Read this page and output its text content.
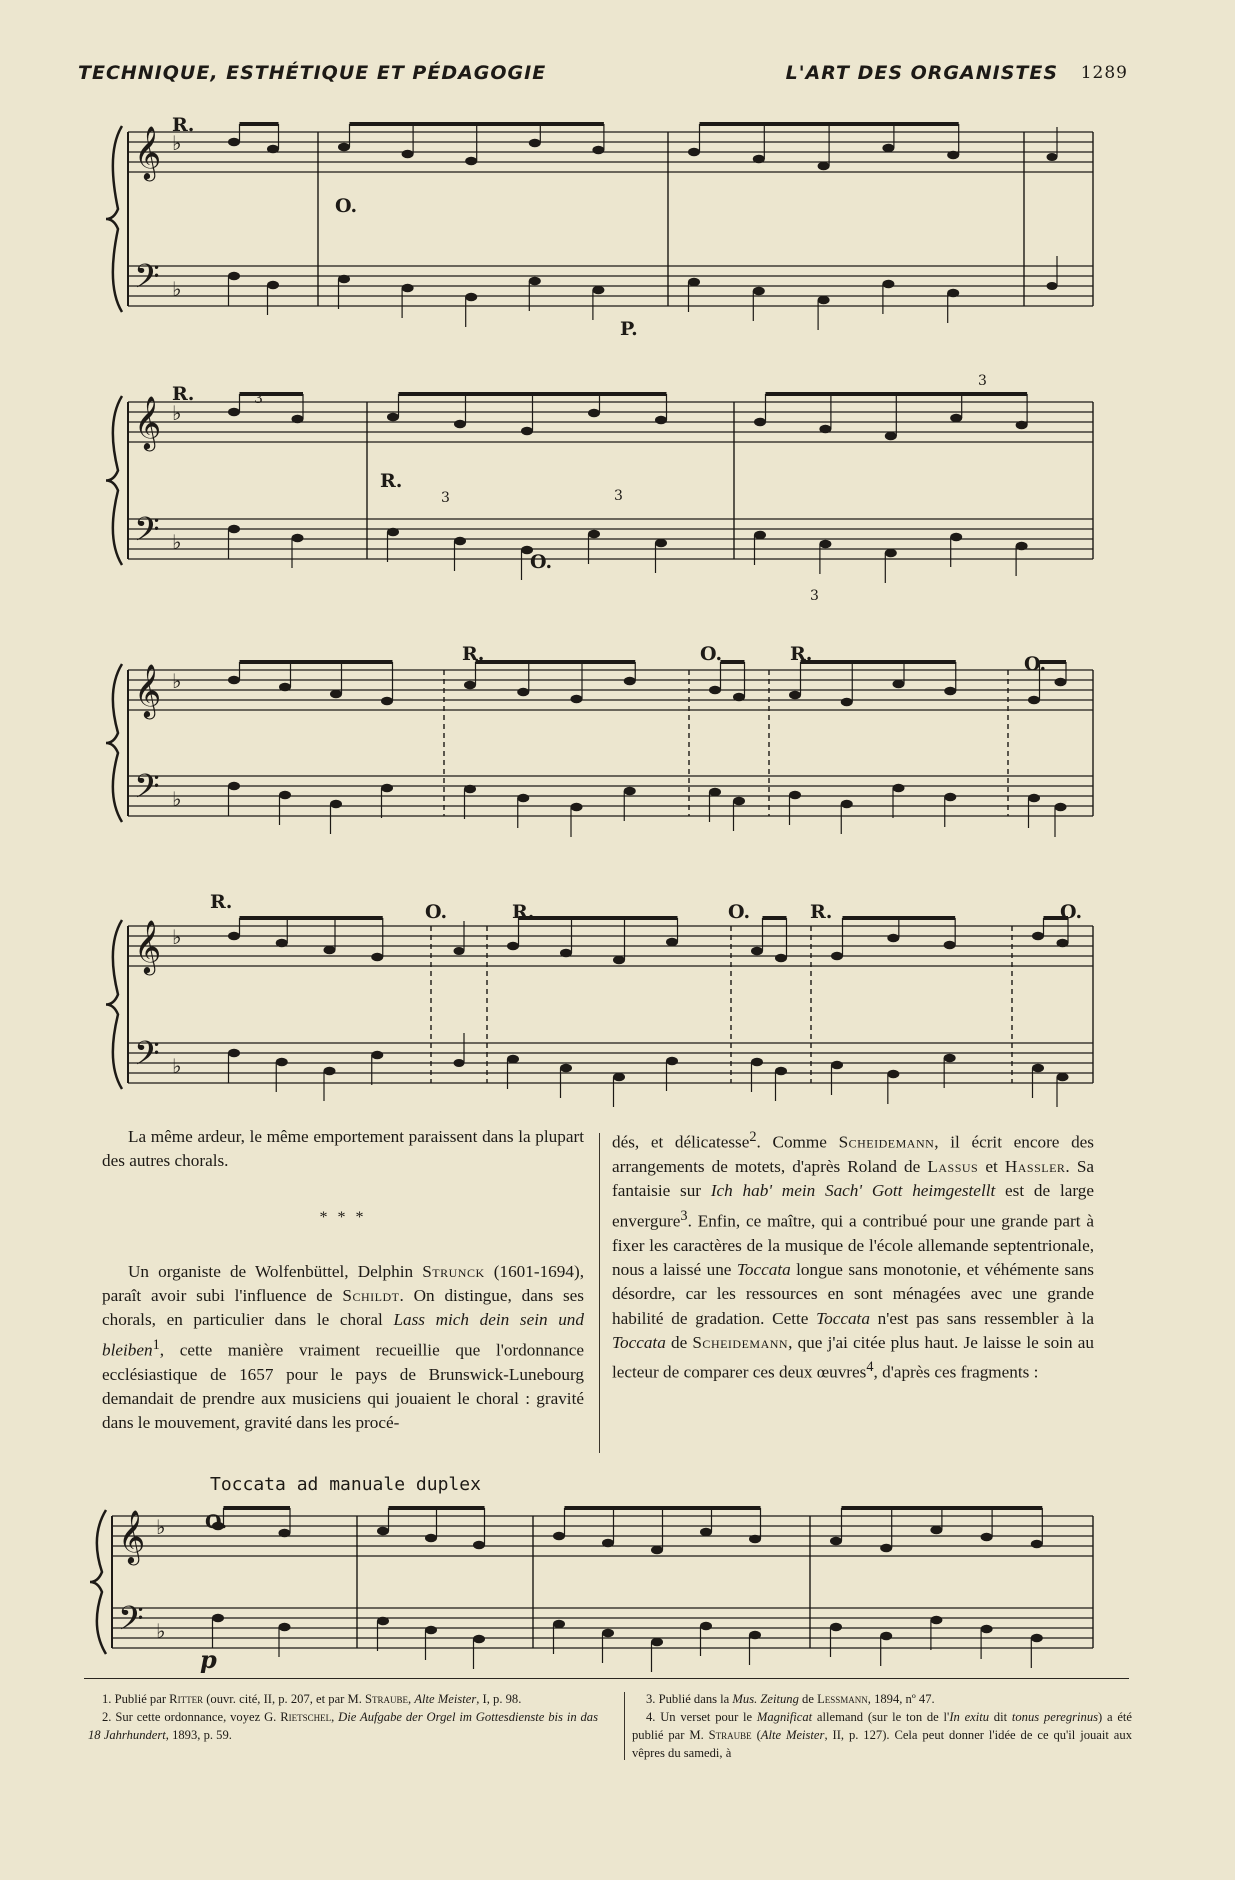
TECHNIQUE, ESTHÉTIQUE ET PÉDAGOGIE	L'ART DES ORGANISTES 1289
𝄞
𝄢
♭
♭
𝄞
𝄢
♭
♭
𝄞
𝄢
♭
♭
𝄞
𝄢
♭
♭
𝄞
𝄢
♭
♭
R.
O.
P.
R.
R.
O.
R.	O.	R.	O.
R.	O.	R.	O.	R.	O.
O.
3
3	3
3
3
p

La même ardeur, le même emportement paraissent dans la plupart des autres chorals.

* * *

Un organiste de Wolfenbüttel, Delphin Strunck (1601-1694), paraît avoir subi l'influence de Schildt. On distingue, dans ses chorals, en particulier dans le choral Lass mich dein sein und bleiben$^1$, cette manière vraiment recueillie que l'ordonnance ecclésiastique de 1657 pour le pays de Brunswick-Lunebourg demandait de prendre aux musiciens qui jouaient le choral : gravité dans le mouvement, gravité dans les procé-

dés, et délicatesse$^2$. Comme Scheidemann, il écrit encore des arrangements de motets, d'après Roland de Lassus et Hassler. Sa fantaisie sur Ich hab' mein Sach' Gott heimgestellt est de large envergure$^3$. Enfin, ce maître, qui a contribué pour une grande part à fixer les caractères de la musique de l'école allemande septentrionale, nous a laissé une Toccata longue sans monotonie, et véhémente sans désordre, car les ressources en sont ménagées avec une grande habilité de gradation. Cette Toccata n'est pas sans ressembler à la Toccata de Scheidemann, que j'ai citée plus haut. Je laisse le soin au lecteur de comparer ces deux œuvres$^4$, d'après ces fragments :

Toccata ad manuale duplex

1. Publié par Ritter (ouvr. cité, II, p. 207, et par M. Straube, Alte Meister, I, p. 98.

2. Sur cette ordonnance, voyez G. Rietschel, Die Aufgabe der Orgel im Gottesdienste bis in das 18 Jahrhundert, 1893, p. 59.

3. Publié dans la Mus. Zeitung de Lessmann, 1894, nº 47.

4. Un verset pour le Magnificat allemand (sur le ton de l'In exitu dit tonus peregrinus) a été publié par M. Straube (Alte Meister, II, p. 127). Cela peut donner l'idée de ce qu'il jouait aux vêpres du samedi, à
